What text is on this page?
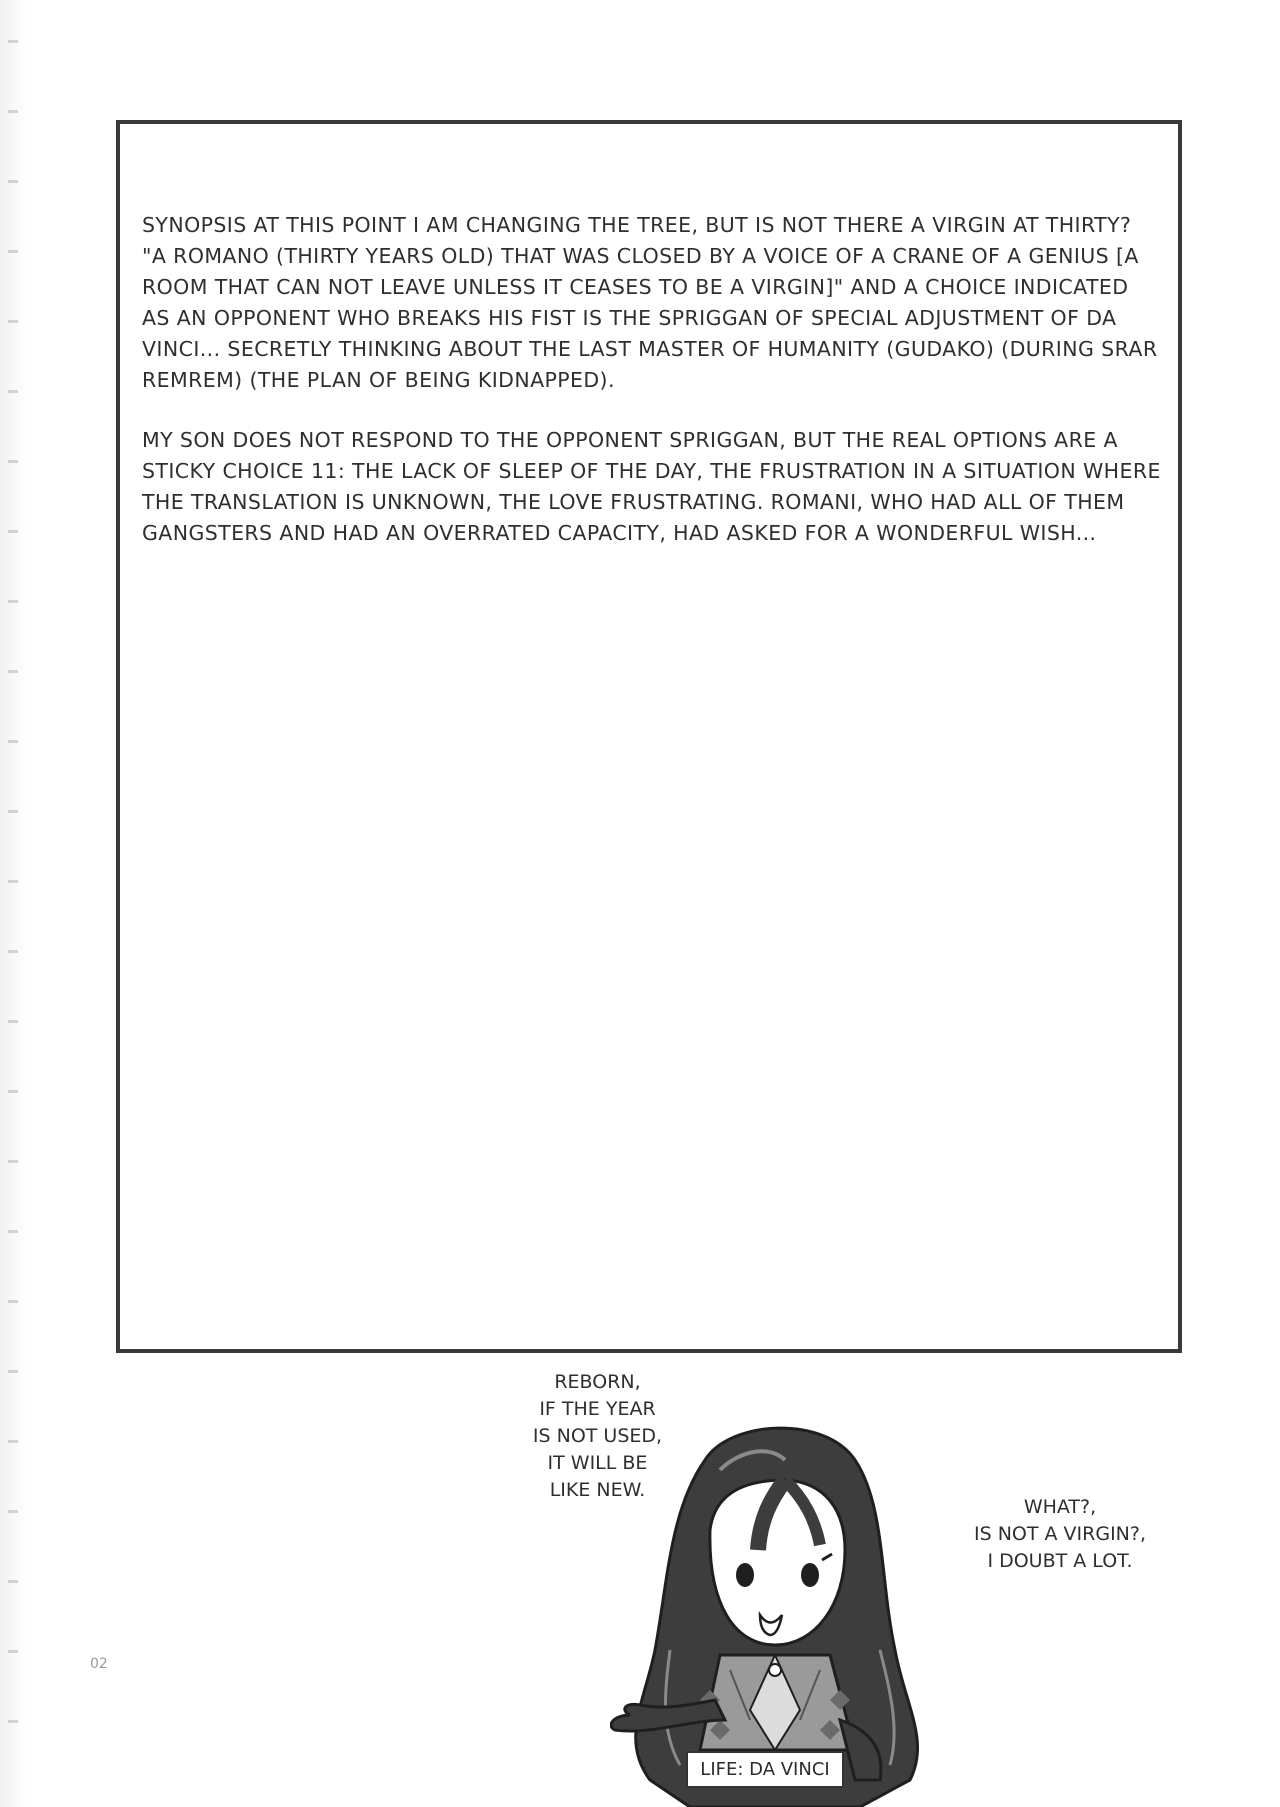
SYNOPSIS AT THIS POINT I AM CHANGING THE TREE, BUT IS NOT THERE A VIRGIN AT THIRTY? "A ROMANO (THIRTY YEARS OLD) THAT WAS CLOSED BY A VOICE OF A CRANE OF A GENIUS [A ROOM THAT CAN NOT LEAVE UNLESS IT CEASES TO BE A VIRGIN]" AND A CHOICE INDICATED AS AN OPPONENT WHO BREAKS HIS FIST IS THE SPRIGGAN OF SPECIAL ADJUSTMENT OF DA VINCI... SECRETLY THINKING ABOUT THE LAST MASTER OF HUMANITY (GUDAKO) (DURING SRAR REMREM) (THE PLAN OF BEING KIDNAPPED).

MY SON DOES NOT RESPOND TO THE OPPONENT SPRIGGAN, BUT THE REAL OPTIONS ARE A STICKY CHOICE 11: THE LACK OF SLEEP OF THE DAY, THE FRUSTRATION IN A SITUATION WHERE THE TRANSLATION IS UNKNOWN, THE LOVE FRUSTRATING. ROMANI, WHO HAD ALL OF THEM GANGSTERS AND HAD AN OVERRATED CAPACITY, HAD ASKED FOR A WONDERFUL WISH...

REBORN,
IF THE YEAR
IS NOT USED,
IT WILL BE
LIKE NEW.
WHAT?,
IS NOT A VIRGIN?,
I DOUBT A LOT.
02
LIFE: DA VINCI
